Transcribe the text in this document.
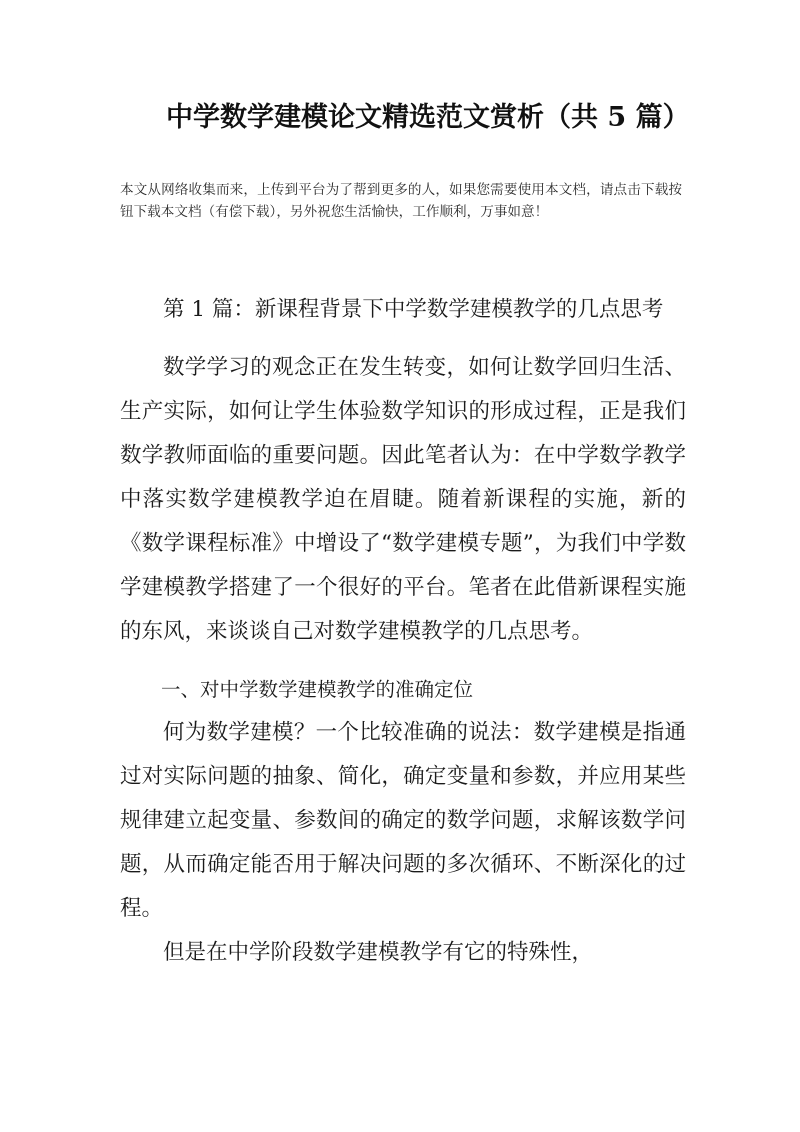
中学数学建模论文精选范文赏析（共 5 篇）
本文从网络收集而来，上传到平台为了帮到更多的人，如果您需要使用本文档，请点击下载按钮下载本文档（有偿下载），另外祝您生活愉快，工作顺利，万事如意！

第 1 篇：新课程背景下中学数学建模教学的几点思考

数学学习的观念正在发生转变，如何让数学回归生活、生产实际，如何让学生体验数学知识的形成过程，正是我们数学教师面临的重要问题。因此笔者认为：在中学数学教学中落实数学建模教学迫在眉睫。随着新课程的实施，新的《数学课程标准》中增设了“数学建模专题”，为我们中学数学建模教学搭建了一个很好的平台。笔者在此借新课程实施的东风，来谈谈自己对数学建模教学的几点思考。

一、对中学数学建模教学的准确定位

何为数学建模？一个比较准确的说法：数学建模是指通过对实际问题的抽象、简化，确定变量和参数，并应用某些规律建立起变量、参数间的确定的数学问题，求解该数学问题，从而确定能否用于解决问题的多次循环、不断深化的过程。

但是在中学阶段数学建模教学有它的特殊性，
